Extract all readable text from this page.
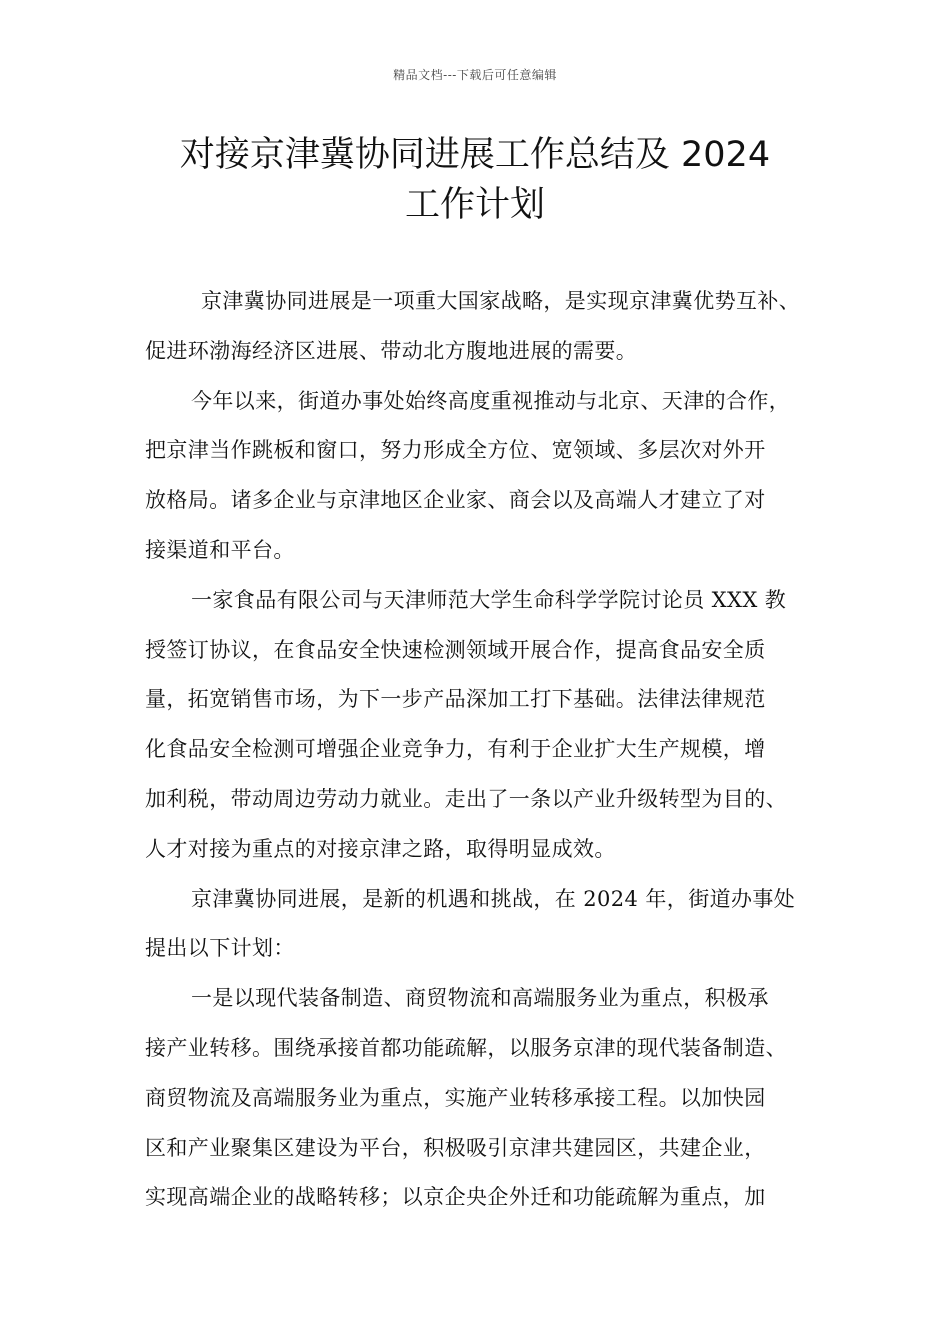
精品文档---下载后可任意编辑
对接京津冀协同进展工作总结及 2024
工作计划

京津冀协同进展是一项重大国家战略，是实现京津冀优势互补、
促进环渤海经济区进展、带动北方腹地进展的需要。

今年以来，街道办事处始终高度重视推动与北京、天津的合作，
把京津当作跳板和窗口，努力形成全方位、宽领域、多层次对外开
放格局。诸多企业与京津地区企业家、商会以及高端人才建立了对
接渠道和平台。

一家食品有限公司与天津师范大学生命科学学院讨论员 XXX 教
授签订协议，在食品安全快速检测领域开展合作，提高食品安全质
量，拓宽销售市场，为下一步产品深加工打下基础。法律法律规范
化食品安全检测可增强企业竞争力，有利于企业扩大生产规模，增
加利税，带动周边劳动力就业。走出了一条以产业升级转型为目的、
人才对接为重点的对接京津之路，取得明显成效。

京津冀协同进展，是新的机遇和挑战，在 2024 年，街道办事处
提出以下计划：

一是以现代装备制造、商贸物流和高端服务业为重点，积极承
接产业转移。围绕承接首都功能疏解，以服务京津的现代装备制造、
商贸物流及高端服务业为重点，实施产业转移承接工程。以加快园
区和产业聚集区建设为平台，积极吸引京津共建园区，共建企业，
实现高端企业的战略转移；以京企央企外迁和功能疏解为重点，加
